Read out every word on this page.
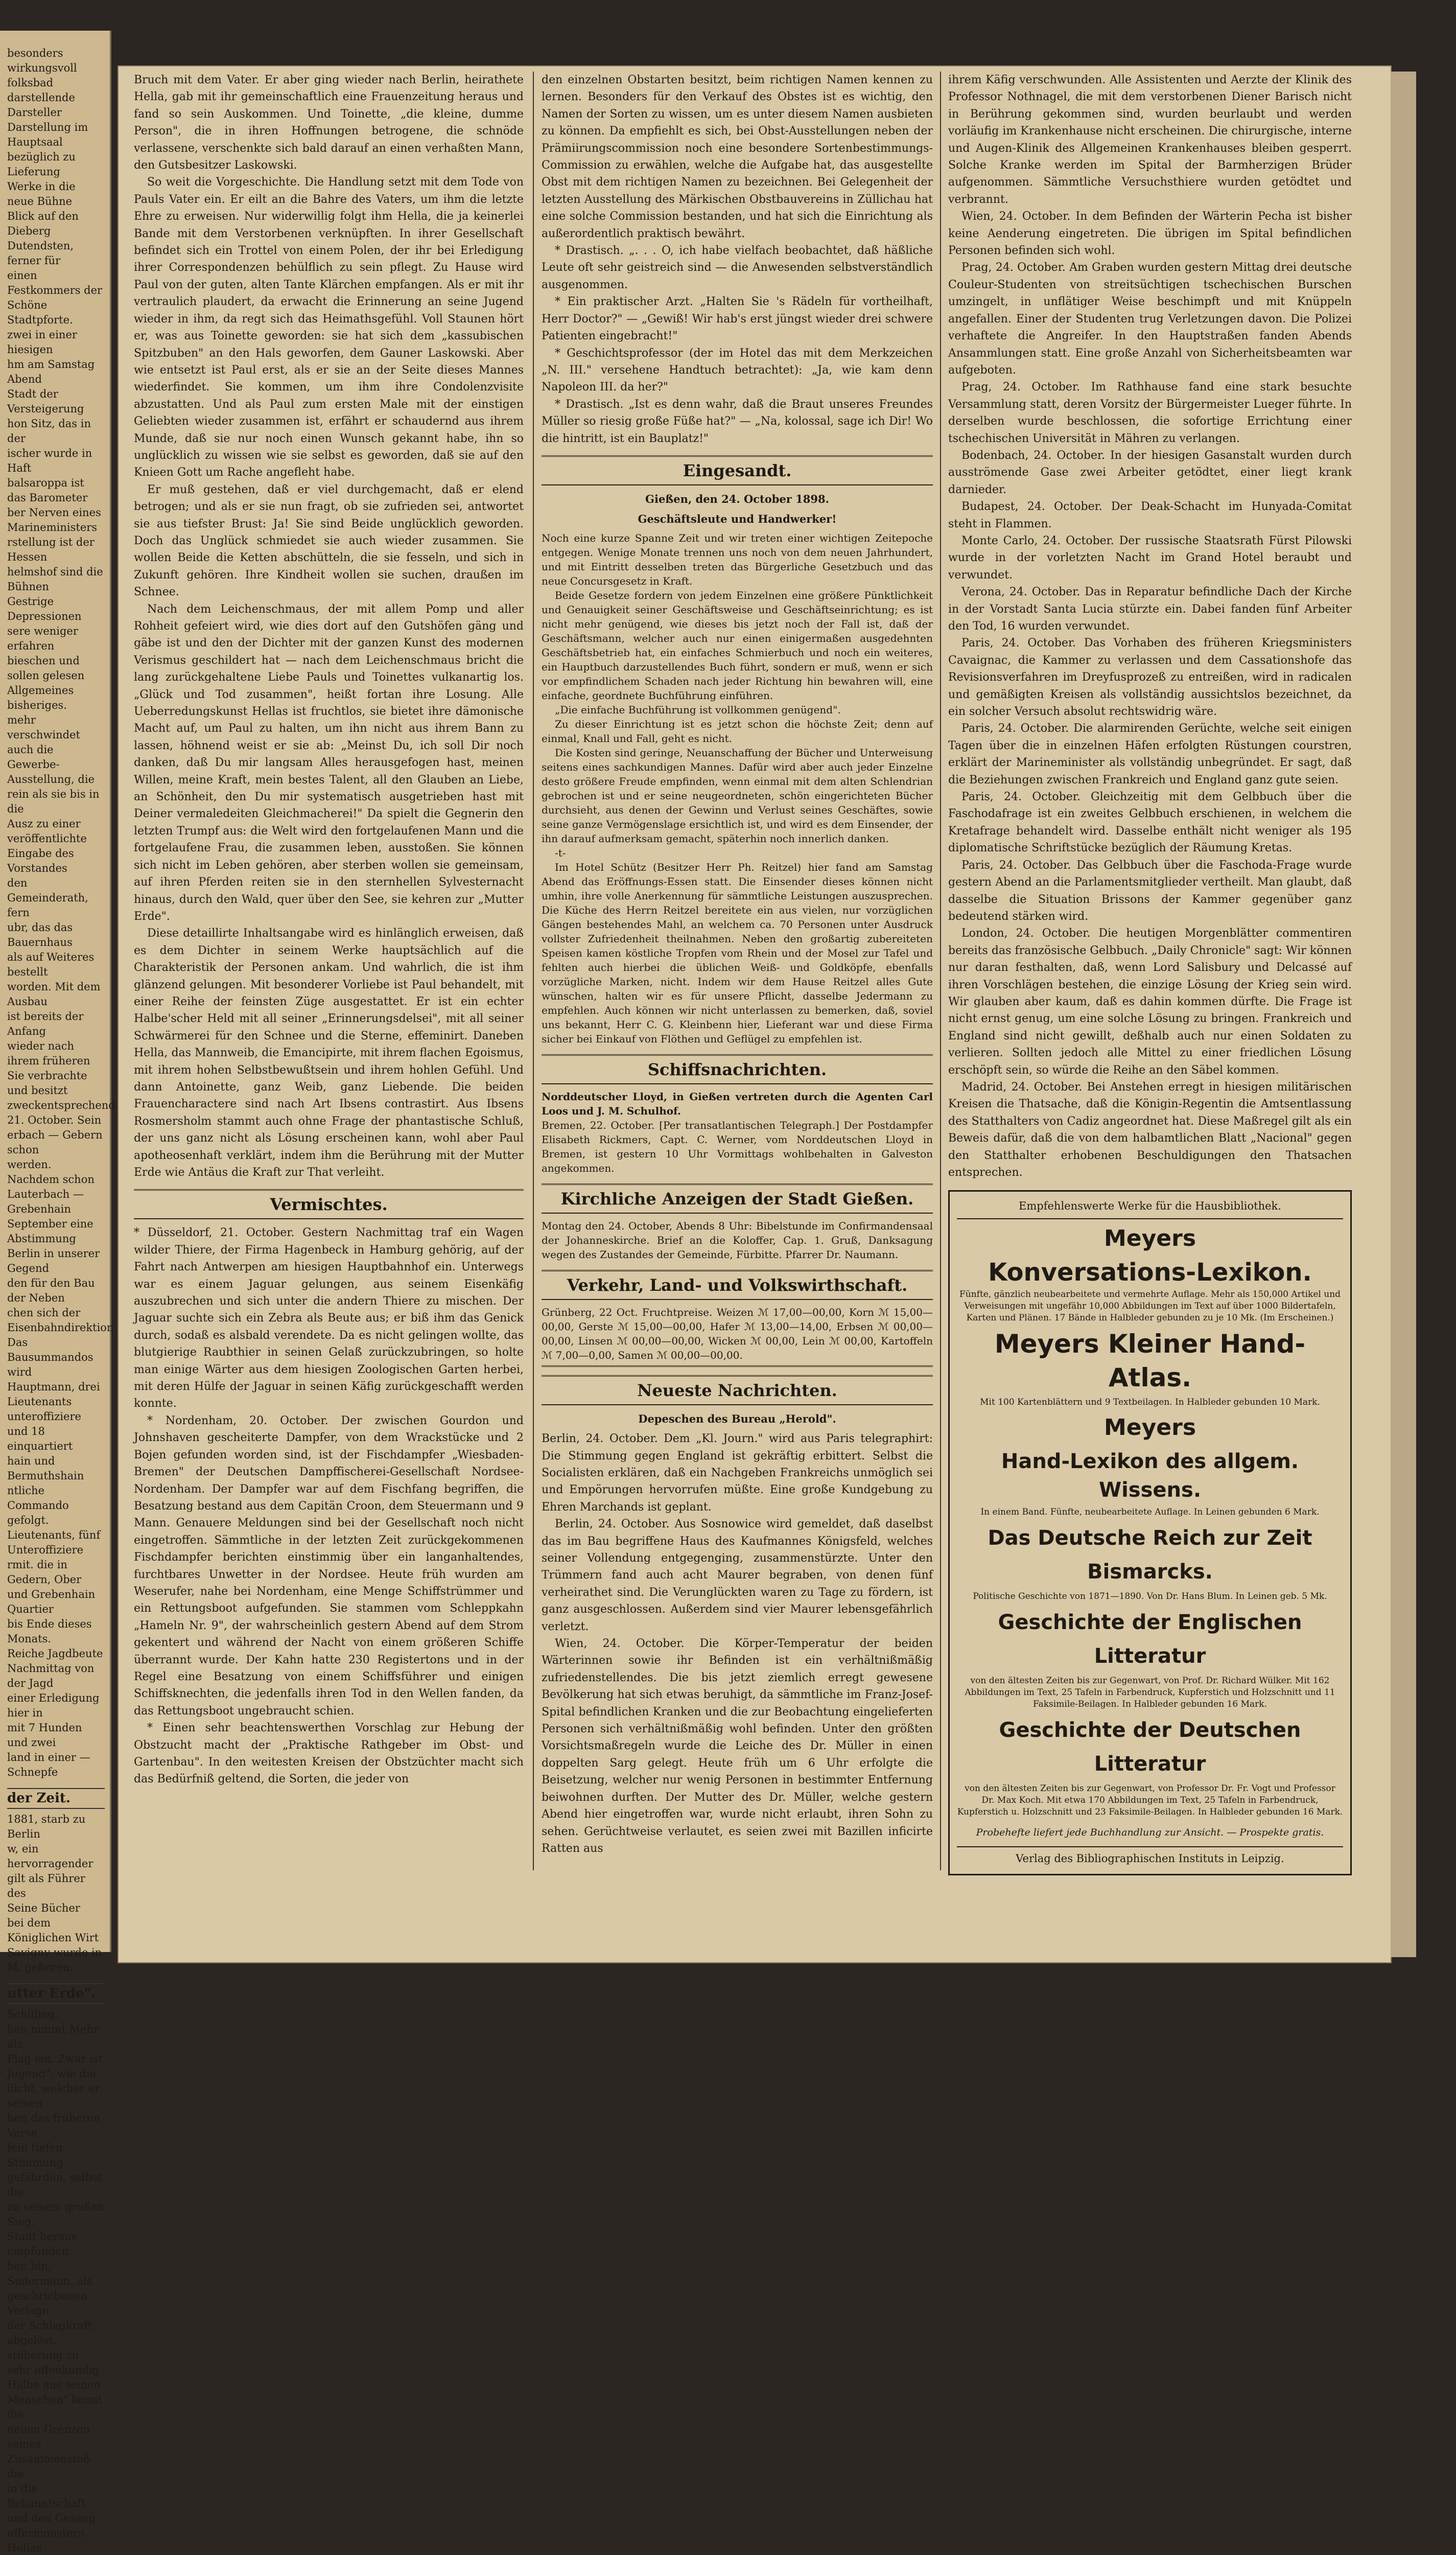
besonders wirkungsvoll

folksbad darstellende Darsteller

Darstellung im Hauptsaal

bezüglich zu Lieferung

Werke in die neue Bühne

Blick auf den Dieberg

Dutendsten, ferner für

einen Festkommers der

Schöne Stadtpforte.

zwei in einer hiesigen

hm am Samstag Abend

Stadt der Versteigerung

hon Sitz, das in der

ischer wurde in Haft

balsaroppa ist das Barometer

ber Nerven eines Marineministers

rstellung ist der Hessen

helmshof sind die Bühnen

Gestrige Depressionen

sere weniger erfahren

bieschen und sollen gelesen

Allgemeines bisheriges.

mehr verschwindet auch die

Gewerbe-Ausstellung, die

rein als sie bis in die

Ausz zu einer veröffentlichte

Eingabe des Vorstandes

den Gemeinderath, fern

ubr, das das Bauernhaus

als auf Weiteres bestellt

worden. Mit dem Ausbau

ist bereits der Anfang

wieder nach ihrem früheren

Sie verbrachte und besitzt

zweckentsprechend.

21. October. Sein

erbach — Gebern schon

werden. Nachdem schon

Lauterbach — Grebenhain

September eine Abstimmung

Berlin in unserer Gegend

den für den Bau der Neben

chen sich der Eisenbahndirektion

Das Bausummandos wird

Hauptmann, drei Lieutenants

unteroffiziere und 18 einquartiert

hain und Bermuthshain

ntliche Commando gefolgt.

Lieutenants, fünf Unteroffiziere

rmit. die in Gedern, Ober

und Grebenhain Quartier

bis Ende dieses Monats.

Reiche Jagdbeute

Nachmittag von der Jagd

einer Erledigung hier in

mit 7 Hunden und zwei

land in einer — Schnepfe

der Zeit.

1881, starb zu Berlin

w, ein hervorragender

gilt als Führer des

Seine Bücher

bei dem Königlichen Wirt

Savigny wurde in

M. geboren.

utter Erde".

Schilling.

hen nimmt Mehr als

Plag ein. Zwar ist

Jugend", wie die

lücht, welcher er seinen

hen das früheren Verse

fein tiefen Stimmung

gefährden, selbst die

zu seinem großen Sieg.

Stadt heraus empfunden

hen hin, Sudermann, als

geschriebenen Vorlage

der Schlagkraft abgelöst.

stilberung zu sehr offenkundig

Halbe aus seinen

Menschen" kennt die

neuen Grenzen seines

Zusammenstoß die

in die Bekanntschaft

und den Gesang

uffermonstern Hellas

Bruch mit dem Vater. Er aber ging wieder nach Berlin, heirathete Hella, gab mit ihr gemeinschaftlich eine Frauenzeitung heraus und fand so sein Auskommen. Und Toinette, „die kleine, dumme Person", die in ihren Hoffnungen betrogene, die schnöde verlassene, verschenkte sich bald darauf an einen verhaßten Mann, den Gutsbesitzer Laskowski.

So weit die Vorgeschichte. Die Handlung setzt mit dem Tode von Pauls Vater ein. Er eilt an die Bahre des Vaters, um ihm die letzte Ehre zu erweisen. Nur widerwillig folgt ihm Hella, die ja keinerlei Bande mit dem Verstorbenen verknüpften. In ihrer Gesellschaft befindet sich ein Trottel von einem Polen, der ihr bei Erledigung ihrer Correspondenzen behülflich zu sein pflegt. Zu Hause wird Paul von der guten, alten Tante Klärchen empfangen. Als er mit ihr vertraulich plaudert, da erwacht die Erinnerung an seine Jugend wieder in ihm, da regt sich das Heimathsgefühl. Voll Staunen hört er, was aus Toinette geworden: sie hat sich dem „kassubischen Spitzbuben" an den Hals geworfen, dem Gauner Laskowski. Aber wie entsetzt ist Paul erst, als er sie an der Seite dieses Mannes wiederfindet. Sie kommen, um ihm ihre Condolenzvisite abzustatten. Und als Paul zum ersten Male mit der einstigen Geliebten wieder zusammen ist, erfährt er schaudernd aus ihrem Munde, daß sie nur noch einen Wunsch gekannt habe, ihn so unglücklich zu wissen wie sie selbst es geworden, daß sie auf den Knieen Gott um Rache angefleht habe.

Er muß gestehen, daß er viel durchgemacht, daß er elend betrogen; und als er sie nun fragt, ob sie zufrieden sei, antwortet sie aus tiefster Brust: Ja! Sie sind Beide unglücklich geworden. Doch das Unglück schmiedet sie auch wieder zusammen. Sie wollen Beide die Ketten abschütteln, die sie fesseln, und sich in Zukunft gehören. Ihre Kindheit wollen sie suchen, draußen im Schnee.

Nach dem Leichenschmaus, der mit allem Pomp und aller Rohheit gefeiert wird, wie dies dort auf den Gutshöfen gäng und gäbe ist und den der Dichter mit der ganzen Kunst des modernen Verismus geschildert hat — nach dem Leichenschmaus bricht die lang zurückgehaltene Liebe Pauls und Toinettes vulkanartig los. „Glück und Tod zusammen", heißt fortan ihre Losung. Alle Ueberredungskunst Hellas ist fruchtlos, sie bietet ihre dämonische Macht auf, um Paul zu halten, um ihn nicht aus ihrem Bann zu lassen, höhnend weist er sie ab: „Meinst Du, ich soll Dir noch danken, daß Du mir langsam Alles herausgefogen hast, meinen Willen, meine Kraft, mein bestes Talent, all den Glauben an Liebe, an Schönheit, den Du mir systematisch ausgetrieben hast mit Deiner vermaledeiten Gleichmacherei!" Da spielt die Gegnerin den letzten Trumpf aus: die Welt wird den fortgelaufenen Mann und die fortgelaufene Frau, die zusammen leben, ausstoßen. Sie können sich nicht im Leben gehören, aber sterben wollen sie gemeinsam, auf ihren Pferden reiten sie in den sternhellen Sylvesternacht hinaus, durch den Wald, quer über den See, sie kehren zur „Mutter Erde".

Diese detaillirte Inhaltsangabe wird es hinlänglich erweisen, daß es dem Dichter in seinem Werke hauptsächlich auf die Charakteristik der Personen ankam. Und wahrlich, die ist ihm glänzend gelungen. Mit besonderer Vorliebe ist Paul behandelt, mit einer Reihe der feinsten Züge ausgestattet. Er ist ein echter Halbe'scher Held mit all seiner „Erinnerungsdelsei", mit all seiner Schwärmerei für den Schnee und die Sterne, effeminirt. Daneben Hella, das Mannweib, die Emancipirte, mit ihrem flachen Egoismus, mit ihrem hohen Selbstbewußtsein und ihrem hohlen Gefühl. Und dann Antoinette, ganz Weib, ganz Liebende. Die beiden Frauencharactere sind nach Art Ibsens contrastirt. Aus Ibsens Rosmersholm stammt auch ohne Frage der phantastische Schluß, der uns ganz nicht als Lösung erscheinen kann, wohl aber Paul apotheosenhaft verklärt, indem ihm die Berührung mit der Mutter Erde wie Antäus die Kraft zur That verleiht.

Vermischtes.

* Düsseldorf, 21. October. Gestern Nachmittag traf ein Wagen wilder Thiere, der Firma Hagenbeck in Hamburg gehörig, auf der Fahrt nach Antwerpen am hiesigen Hauptbahnhof ein. Unterwegs war es einem Jaguar gelungen, aus seinem Eisenkäfig auszubrechen und sich unter die andern Thiere zu mischen. Der Jaguar suchte sich ein Zebra als Beute aus; er biß ihm das Genick durch, sodaß es alsbald verendete. Da es nicht gelingen wollte, das blutgierige Raubthier in seinen Gelaß zurückzubringen, so holte man einige Wärter aus dem hiesigen Zoologischen Garten herbei, mit deren Hülfe der Jaguar in seinen Käfig zurückgeschafft werden konnte.

* Nordenham, 20. October. Der zwischen Gourdon und Johnshaven gescheiterte Dampfer, von dem Wrackstücke und 2 Bojen gefunden worden sind, ist der Fischdampfer „Wiesbaden-Bremen" der Deutschen Dampffischerei-Gesellschaft Nordsee-Nordenham. Der Dampfer war auf dem Fischfang begriffen, die Besatzung bestand aus dem Capitän Croon, dem Steuermann und 9 Mann. Genauere Meldungen sind bei der Gesellschaft noch nicht eingetroffen. Sämmtliche in der letzten Zeit zurückgekommenen Fischdampfer berichten einstimmig über ein langanhaltendes, furchtbares Unwetter in der Nordsee. Heute früh wurden am Weserufer, nahe bei Nordenham, eine Menge Schiffstrümmer und ein Rettungsboot aufgefunden. Sie stammen vom Schleppkahn „Hameln Nr. 9", der wahrscheinlich gestern Abend auf dem Strom gekentert und während der Nacht von einem größeren Schiffe überrannt wurde. Der Kahn hatte 230 Registertons und in der Regel eine Besatzung von einem Schiffsführer und einigen Schiffsknechten, die jedenfalls ihren Tod in den Wellen fanden, da das Rettungsboot ungebraucht schien.

* Einen sehr beachtenswerthen Vorschlag zur Hebung der Obstzucht macht der „Praktische Rathgeber im Obst- und Gartenbau". In den weitesten Kreisen der Obstzüchter macht sich das Bedürfniß geltend, die Sorten, die jeder von

den einzelnen Obstarten besitzt, beim richtigen Namen kennen zu lernen. Besonders für den Verkauf des Obstes ist es wichtig, den Namen der Sorten zu wissen, um es unter diesem Namen ausbieten zu können. Da empfiehlt es sich, bei Obst-Ausstellungen neben der Prämiirungscommission noch eine besondere Sortenbestimmungs-Commission zu erwählen, welche die Aufgabe hat, das ausgestellte Obst mit dem richtigen Namen zu bezeichnen. Bei Gelegenheit der letzten Ausstellung des Märkischen Obstbauvereins in Züllichau hat eine solche Commission bestanden, und hat sich die Einrichtung als außerordentlich praktisch bewährt.

* Drastisch. „. . . O, ich habe vielfach beobachtet, daß häßliche Leute oft sehr geistreich sind — die Anwesenden selbstverständlich ausgenommen.

* Ein praktischer Arzt. „Halten Sie 's Rädeln für vortheilhaft, Herr Doctor?" — „Gewiß! Wir hab's erst jüngst wieder drei schwere Patienten eingebracht!"

* Geschichtsprofessor (der im Hotel das mit dem Merkzeichen „N. III." versehene Handtuch betrachtet): „Ja, wie kam denn Napoleon III. da her?"

* Drastisch. „Ist es denn wahr, daß die Braut unseres Freundes Müller so riesig große Füße hat?" — „Na, kolossal, sage ich Dir! Wo die hintritt, ist ein Bauplatz!"

Eingesandt.
Gießen, den 24. October 1898.
Geschäftsleute und Handwerker!

Noch eine kurze Spanne Zeit und wir treten einer wichtigen Zeitepoche entgegen. Wenige Monate trennen uns noch von dem neuen Jahrhundert, und mit Eintritt desselben treten das Bürgerliche Gesetzbuch und das neue Concursgesetz in Kraft.

Beide Gesetze fordern von jedem Einzelnen eine größere Pünktlichkeit und Genauigkeit seiner Geschäftsweise und Geschäftseinrichtung; es ist nicht mehr genügend, wie dieses bis jetzt noch der Fall ist, daß der Geschäftsmann, welcher auch nur einen einigermaßen ausgedehnten Geschäftsbetrieb hat, ein einfaches Schmierbuch und noch ein weiteres, ein Hauptbuch darzustellendes Buch führt, sondern er muß, wenn er sich vor empfindlichem Schaden nach jeder Richtung hin bewahren will, eine einfache, geordnete Buchführung einführen.

„Die einfache Buchführung ist vollkommen genügend".

Zu dieser Einrichtung ist es jetzt schon die höchste Zeit; denn auf einmal, Knall und Fall, geht es nicht.

Die Kosten sind geringe, Neuanschaffung der Bücher und Unterweisung seitens eines sachkundigen Mannes. Dafür wird aber auch jeder Einzelne desto größere Freude empfinden, wenn einmal mit dem alten Schlendrian gebrochen ist und er seine neugeordneten, schön eingerichteten Bücher durchsieht, aus denen der Gewinn und Verlust seines Geschäftes, sowie seine ganze Vermögenslage ersichtlich ist, und wird es dem Einsender, der ihn darauf aufmerksam gemacht, späterhin noch innerlich danken.

-t-

Im Hotel Schütz (Besitzer Herr Ph. Reitzel) hier fand am Samstag Abend das Eröffnungs-Essen statt. Die Einsender dieses können nicht umhin, ihre volle Anerkennung für sämmtliche Leistungen auszusprechen. Die Küche des Herrn Reitzel bereitete ein aus vielen, nur vorzüglichen Gängen bestehendes Mahl, an welchem ca. 70 Personen unter Ausdruck vollster Zufriedenheit theilnahmen. Neben den großartig zubereiteten Speisen kamen köstliche Tropfen vom Rhein und der Mosel zur Tafel und fehlten auch hierbei die üblichen Weiß- und Goldköpfe, ebenfalls vorzügliche Marken, nicht. Indem wir dem Hause Reitzel alles Gute wünschen, halten wir es für unsere Pflicht, dasselbe Jedermann zu empfehlen. Auch können wir nicht unterlassen zu bemerken, daß, soviel uns bekannt, Herr C. G. Kleinbenn hier, Lieferant war und diese Firma sicher bei Einkauf von Flöthen und Geflügel zu empfehlen ist.

Schiffsnachrichten.
Norddeutscher Lloyd, in Gießen vertreten durch die Agenten Carl Loos und J. M. Schulhof.
Bremen, 22. October. [Per transatlantischen Telegraph.] Der Postdampfer Elisabeth Rickmers, Capt. C. Werner, vom Norddeutschen Lloyd in Bremen, ist gestern 10 Uhr Vormittags wohlbehalten in Galveston angekommen.
Kirchliche Anzeigen der Stadt Gießen.
Montag den 24. October, Abends 8 Uhr: Bibelstunde im Confirmandensaal der Johanneskirche. Brief an die Koloffer, Cap. 1. Gruß, Danksagung wegen des Zustandes der Gemeinde, Fürbitte. Pfarrer Dr. Naumann.
Verkehr, Land- und Volkswirthschaft.
Grünberg, 22 Oct. Fruchtpreise. Weizen ℳ 17,00—00,00, Korn ℳ 15,00—00,00, Gerste ℳ 15,00—00,00, Hafer ℳ 13,00—14,00, Erbsen ℳ 00,00—00,00, Linsen ℳ 00,00—00,00, Wicken ℳ 00,00, Lein ℳ 00,00, Kartoffeln ℳ 7,00—0,00, Samen ℳ 00,00—00,00.
Neueste Nachrichten.
Depeschen des Bureau „Herold".

Berlin, 24. October. Dem „Kl. Journ." wird aus Paris telegraphirt: Die Stimmung gegen England ist gekräftig erbittert. Selbst die Socialisten erklären, daß ein Nachgeben Frankreichs unmöglich sei und Empörungen hervorrufen müßte. Eine große Kundgebung zu Ehren Marchands ist geplant.

Berlin, 24. October. Aus Sosnowice wird gemeldet, daß daselbst das im Bau begriffene Haus des Kaufmannes Königsfeld, welches seiner Vollendung entgegenging, zusammenstürzte. Unter den Trümmern fand auch acht Maurer begraben, von denen fünf verheirathet sind. Die Verunglückten waren zu Tage zu fördern, ist ganz ausgeschlossen. Außerdem sind vier Maurer lebensgefährlich verletzt.

Wien, 24. October. Die Körper-Temperatur der beiden Wärterinnen sowie ihr Befinden ist ein verhältnißmäßig zufriedenstellendes. Die bis jetzt ziemlich erregt gewesene Bevölkerung hat sich etwas beruhigt, da sämmtliche im Franz-Josef-Spital befindlichen Kranken und die zur Beobachtung eingelieferten Personen sich verhältnißmäßig wohl befinden. Unter den größten Vorsichtsmaßregeln wurde die Leiche des Dr. Müller in einen doppelten Sarg gelegt. Heute früh um 6 Uhr erfolgte die Beisetzung, welcher nur wenig Personen in bestimmter Entfernung beiwohnen durften. Der Mutter des Dr. Müller, welche gestern Abend hier eingetroffen war, wurde nicht erlaubt, ihren Sohn zu sehen. Gerüchtweise verlautet, es seien zwei mit Bazillen inficirte Ratten aus

ihrem Käfig verschwunden. Alle Assistenten und Aerzte der Klinik des Professor Nothnagel, die mit dem verstorbenen Diener Barisch nicht in Berührung gekommen sind, wurden beurlaubt und werden vorläufig im Krankenhause nicht erscheinen. Die chirurgische, interne und Augen-Klinik des Allgemeinen Krankenhauses bleiben gesperrt. Solche Kranke werden im Spital der Barmherzigen Brüder aufgenommen. Sämmtliche Versuchsthiere wurden getödtet und verbrannt.

Wien, 24. October. In dem Befinden der Wärterin Pecha ist bisher keine Aenderung eingetreten. Die übrigen im Spital befindlichen Personen befinden sich wohl.

Prag, 24. October. Am Graben wurden gestern Mittag drei deutsche Couleur-Studenten von streitsüchtigen tschechischen Burschen umzingelt, in unflätiger Weise beschimpft und mit Knüppeln angefallen. Einer der Studenten trug Verletzungen davon. Die Polizei verhaftete die Angreifer. In den Hauptstraßen fanden Abends Ansammlungen statt. Eine große Anzahl von Sicherheitsbeamten war aufgeboten.

Prag, 24. October. Im Rathhause fand eine stark besuchte Versammlung statt, deren Vorsitz der Bürgermeister Lueger führte. In derselben wurde beschlossen, die sofortige Errichtung einer tschechischen Universität in Mähren zu verlangen.

Bodenbach, 24. October. In der hiesigen Gasanstalt wurden durch ausströmende Gase zwei Arbeiter getödtet, einer liegt krank darnieder.

Budapest, 24. October. Der Deak-Schacht im Hunyada-Comitat steht in Flammen.

Monte Carlo, 24. October. Der russische Staatsrath Fürst Pilowski wurde in der vorletzten Nacht im Grand Hotel beraubt und verwundet.

Verona, 24. October. Das in Reparatur befindliche Dach der Kirche in der Vorstadt Santa Lucia stürzte ein. Dabei fanden fünf Arbeiter den Tod, 16 wurden verwundet.

Paris, 24. October. Das Vorhaben des früheren Kriegsministers Cavaignac, die Kammer zu verlassen und dem Cassationshofe das Revisionsverfahren im Dreyfusprozeß zu entreißen, wird in radicalen und gemäßigten Kreisen als vollständig aussichtslos bezeichnet, da ein solcher Versuch absolut rechtswidrig wäre.

Paris, 24. October. Die alarmirenden Gerüchte, welche seit einigen Tagen über die in einzelnen Häfen erfolgten Rüstungen courstren, erklärt der Marineminister als vollständig unbegründet. Er sagt, daß die Beziehungen zwischen Frankreich und England ganz gute seien.

Paris, 24. October. Gleichzeitig mit dem Gelbbuch über die Faschodafrage ist ein zweites Gelbbuch erschienen, in welchem die Kretafrage behandelt wird. Dasselbe enthält nicht weniger als 195 diplomatische Schriftstücke bezüglich der Räumung Kretas.

Paris, 24. October. Das Gelbbuch über die Faschoda-Frage wurde gestern Abend an die Parlamentsmitglieder vertheilt. Man glaubt, daß dasselbe die Situation Brissons der Kammer gegenüber ganz bedeutend stärken wird.

London, 24. October. Die heutigen Morgenblätter commentiren bereits das französische Gelbbuch. „Daily Chronicle" sagt: Wir können nur daran festhalten, daß, wenn Lord Salisbury und Delcassé auf ihren Vorschlägen bestehen, die einzige Lösung der Krieg sein wird. Wir glauben aber kaum, daß es dahin kommen dürfte. Die Frage ist nicht ernst genug, um eine solche Lösung zu bringen. Frankreich und England sind nicht gewillt, deßhalb auch nur einen Soldaten zu verlieren. Sollten jedoch alle Mittel zu einer friedlichen Lösung erschöpft sein, so würde die Reihe an den Säbel kommen.

Madrid, 24. October. Bei Anstehen erregt in hiesigen militärischen Kreisen die Thatsache, daß die Königin-Regentin die Amtsentlassung des Statthalters von Cadiz angeordnet hat. Diese Maßregel gilt als ein Beweis dafür, daß die von dem halbamtlichen Blatt „Nacional" gegen den Statthalter erhobenen Beschuldigungen den Thatsachen entsprechen.

Empfehlenswerte Werke für die Hausbibliothek.
Meyers
Konversations-Lexikon.
Fünfte, gänzlich neubearbeitete und vermehrte Auflage. Mehr als 150,000 Artikel und Verweisungen mit ungefähr 10,000 Abbildungen im Text auf über 1000 Bildertafeln, Karten und Plänen. 17 Bände in Halbleder gebunden zu je 10 Mk. (Im Erscheinen.)
Meyers Kleiner Hand-Atlas.
Mit 100 Kartenblättern und 9 Textbeilagen. In Halbleder gebunden 10 Mark.
Meyers
Hand-Lexikon des allgem. Wissens.
In einem Band. Fünfte, neubearbeitete Auflage. In Leinen gebunden 6 Mark.
Das Deutsche Reich zur Zeit Bismarcks.
Politische Geschichte von 1871—1890. Von Dr. Hans Blum. In Leinen geb. 5 Mk.
Geschichte der Englischen Litteratur
von den ältesten Zeiten bis zur Gegenwart, von Prof. Dr. Richard Wülker. Mit 162 Abbildungen im Text, 25 Tafeln in Farbendruck, Kupferstich und Holzschnitt und 11 Faksimile-Beilagen. In Halbleder gebunden 16 Mark.
Geschichte der Deutschen Litteratur
von den ältesten Zeiten bis zur Gegenwart, von Professor Dr. Fr. Vogt und Professor Dr. Max Koch. Mit etwa 170 Abbildungen im Text, 25 Tafeln in Farbendruck, Kupferstich u. Holzschnitt und 23 Faksimile-Beilagen. In Halbleder gebunden 16 Mark.
Probehefte liefert jede Buchhandlung zur Ansicht. — Prospekte gratis.
Verlag des Bibliographischen Instituts in Leipzig.
